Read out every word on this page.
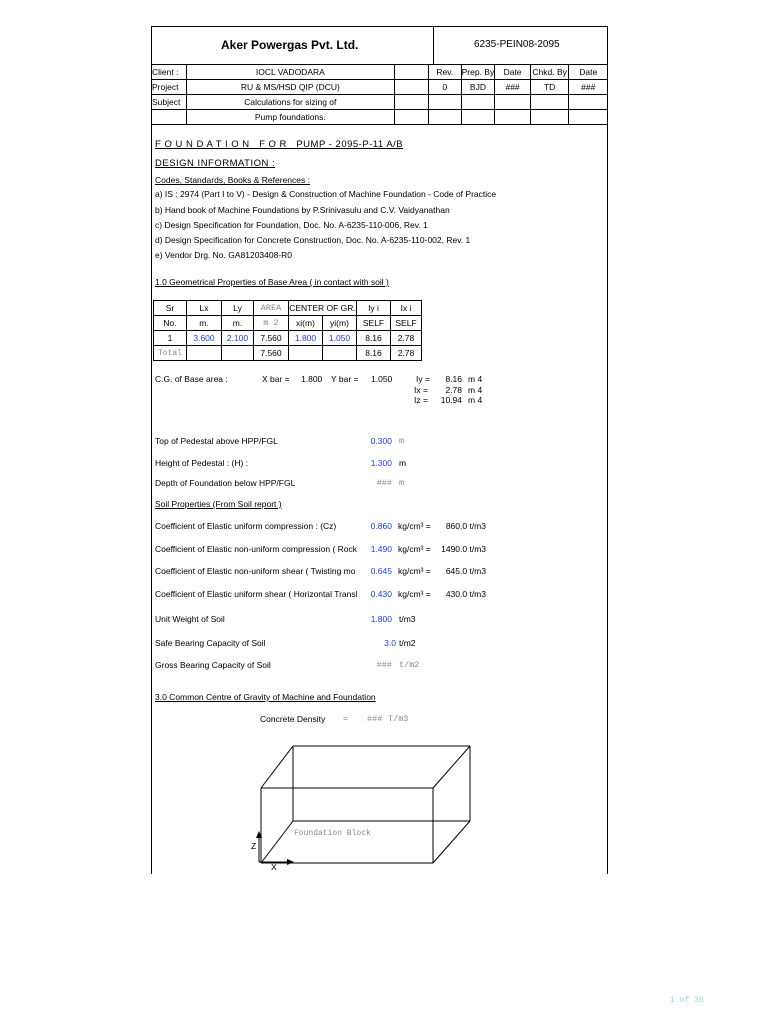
Aker Powergas Pvt. Ltd.	6235-PEIN08-2095
Client :	IOCL VADODARA		Rev.	Prep. By	Date	Chkd. By	Date
Project	RU & MS/HSD QIP (DCU)		0	BJD	###	TD	###
Subject	Calculations for sizing of						
	Pump foundations.						
F O U N D A T I O N   F O R   PUMP - 2095-P-11 A/B
DESIGN INFORMATION :
Codes, Standards, Books & References :
a) IS : 2974 (Part I to V) - Design & Construction of Machine Foundation - Code of Practice
b) Hand book of Machine Foundations by P.Srinivasulu and C.V. Vaidyanathan
c) Design Specification for Foundation, Doc. No. A-6235-110-006, Rev. 1
d) Design Specification for Concrete Construction, Doc. No. A-6235-110-002, Rev. 1
e) Vendor Drg. No. GA81203408-R0
1.0 Geometrical Properties of Base Area ( in contact with soil )
Sr	Lx	Ly	AREA	CENTER OF GR.		Iy i	Ix i
No.	m.	m.	m 2	xi(m)	yi(m)	SELF	SELF
1	3.600	2.100	7.560	1.800	1.050	8.16	2.78
Total			7.560			8.16	2.78
C.G. of Base area :	X bar = 1.800 Y bar = 1.050	Iy =	8.16 m 4
Ix =	2.78 m 4
Iz =	10.94 m 4
Top of Pedestal above HPP/FGL	0.300 m
Height of Pedestal : (H) :	1.300 m
Depth of Foundation below HPP/FGL	### m
Soil Properties (From Soil report )
Coefficient of Elastic uniform compression : (Cz)	0.860 kg/cm³ =	860.0 t/m3
Coefficient of Elastic non-uniform compression ( Rock	1.490 kg/cm³ =	1490.0 t/m3
Coefficient of Elastic non-uniform shear ( Twisting mo	0.645 kg/cm³ =	645.0 t/m3
Coefficient of Elastic uniform shear ( Horizontal Transl	0.430 kg/cm³ =	430.0 t/m3
Unit Weight of Soil	1.800 t/m3
Safe Bearing Capacity of Soil	3.0 t/m2
Gross Bearing Capacity of Soil	### t/m2
3.0 Common Centre of Gravity of Machine and Foundation
Concrete Density = ### T/m3
Foundation Block
Z
X
1 of 38
